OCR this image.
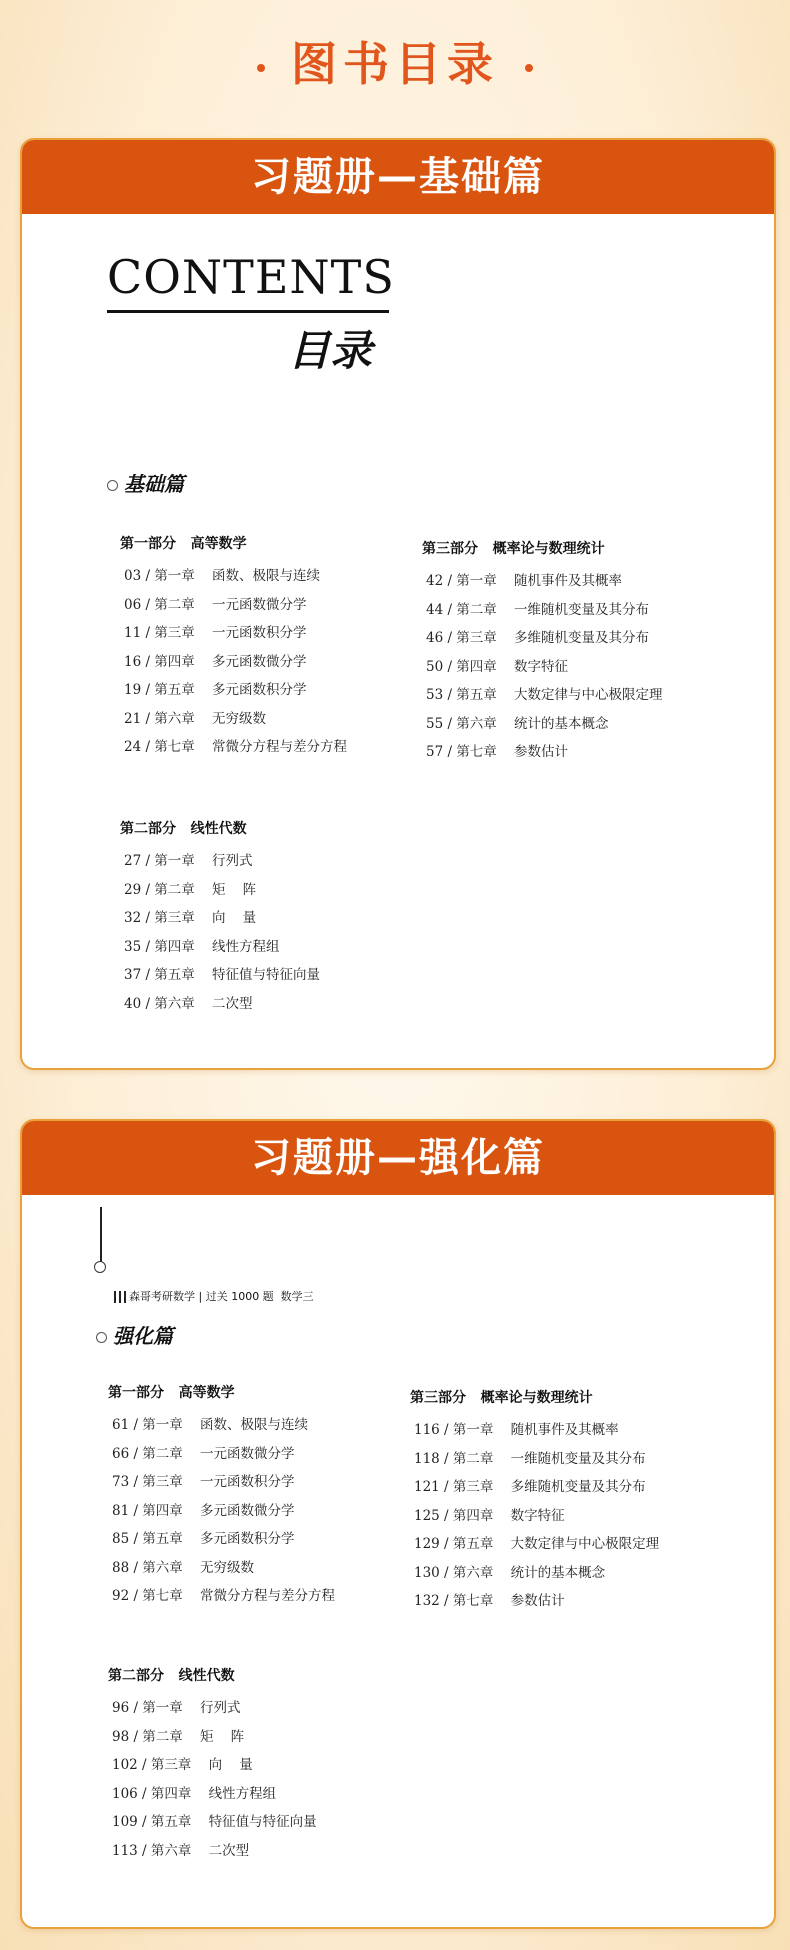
图书目录
习题册—基础篇
CONTENTS
目录
基础篇
第一部分   高等数学
03 / 第一章    函数、极限与连续
06 / 第二章    一元函数微分学
11 / 第三章    一元函数积分学
16 / 第四章    多元函数微分学
19 / 第五章    多元函数积分学
21 / 第六章    无穷级数
24 / 第七章    常微分方程与差分方程
第二部分   线性代数
27 / 第一章    行列式
29 / 第二章    矩    阵
32 / 第三章    向    量
35 / 第四章    线性方程组
37 / 第五章    特征值与特征向量
40 / 第六章    二次型
第三部分   概率论与数理统计
42 / 第一章    随机事件及其概率
44 / 第二章    一维随机变量及其分布
46 / 第三章    多维随机变量及其分布
50 / 第四章    数字特征
53 / 第五章    大数定律与中心极限定理
55 / 第六章    统计的基本概念
57 / 第七章    参数估计
习题册—强化篇

森哥考研数学 | 过关 1000 题  数学三

强化篇
第一部分   高等数学
61 / 第一章    函数、极限与连续
66 / 第二章    一元函数微分学
73 / 第三章    一元函数积分学
81 / 第四章    多元函数微分学
85 / 第五章    多元函数积分学
88 / 第六章    无穷级数
92 / 第七章    常微分方程与差分方程
第二部分   线性代数
96 / 第一章    行列式
98 / 第二章    矩    阵
102 / 第三章    向    量
106 / 第四章    线性方程组
109 / 第五章    特征值与特征向量
113 / 第六章    二次型
第三部分   概率论与数理统计
116 / 第一章    随机事件及其概率
118 / 第二章    一维随机变量及其分布
121 / 第三章    多维随机变量及其分布
125 / 第四章    数字特征
129 / 第五章    大数定律与中心极限定理
130 / 第六章    统计的基本概念
132 / 第七章    参数估计
